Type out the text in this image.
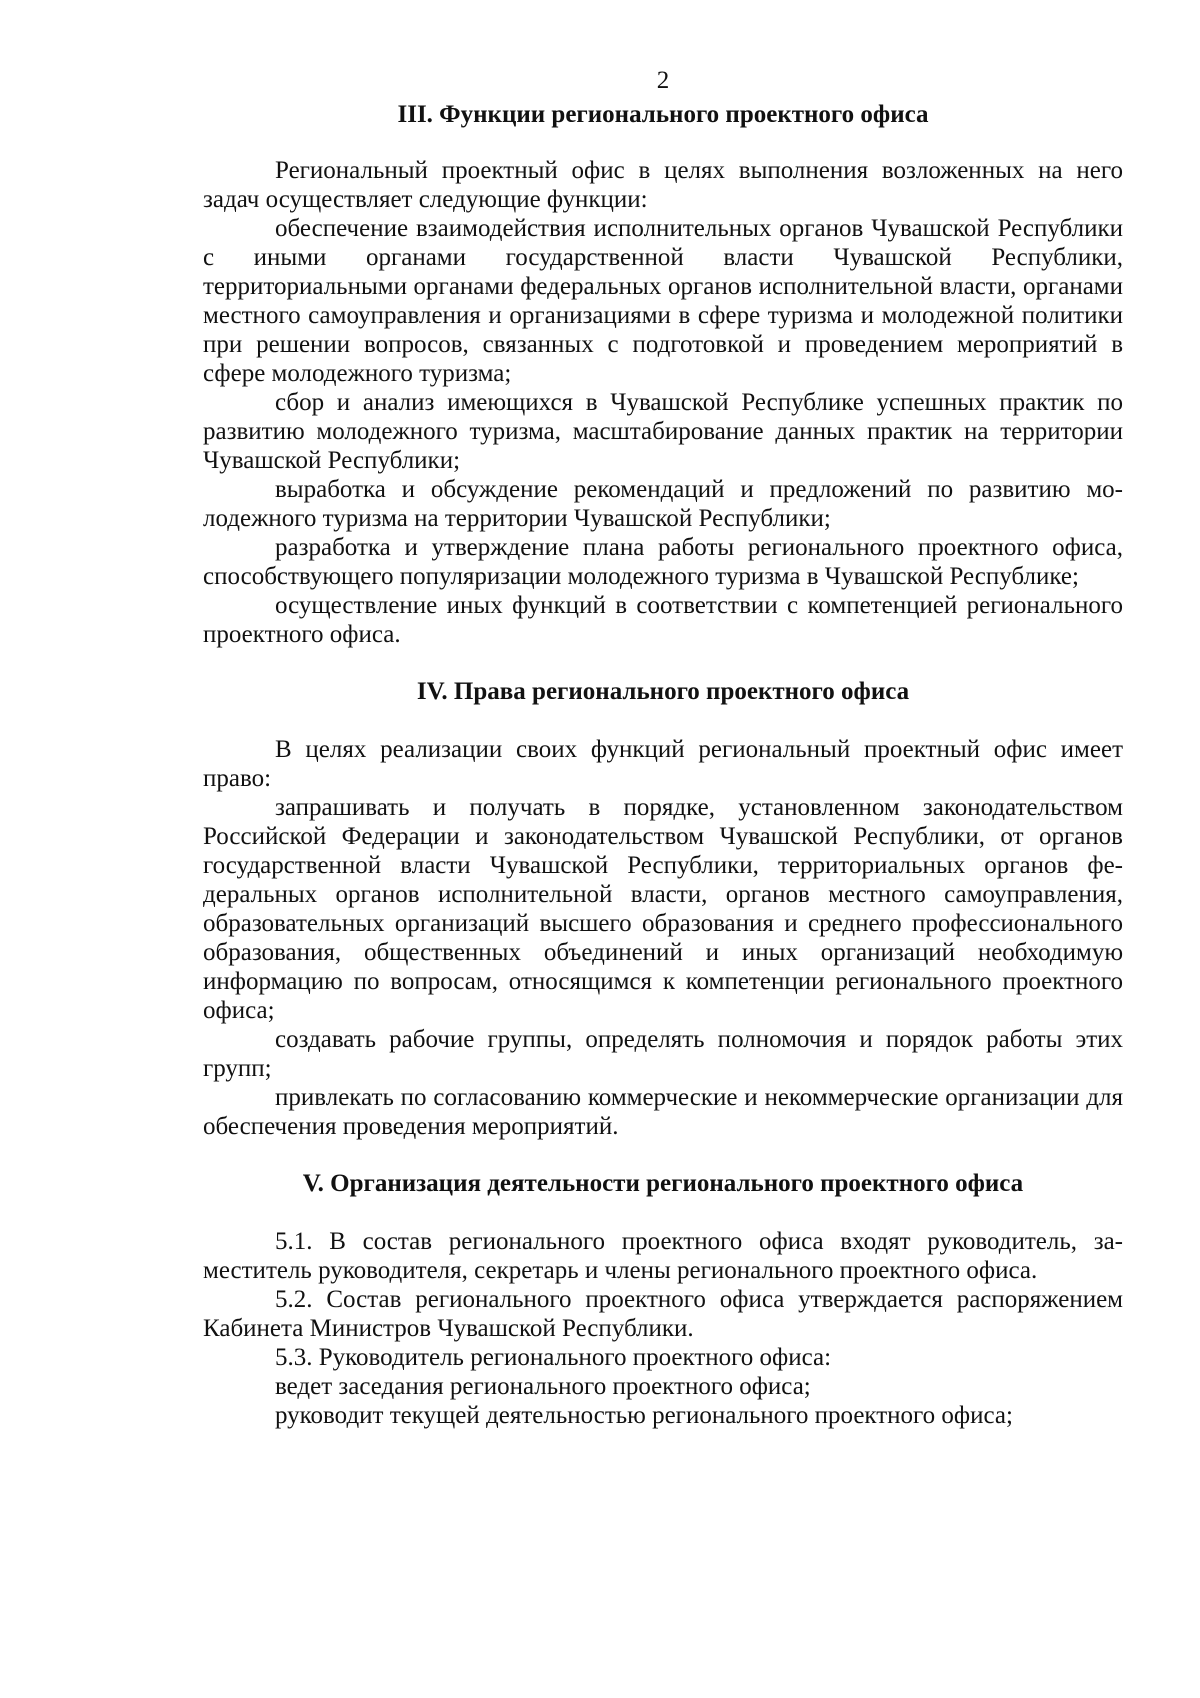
2
III. Функции регионального проектного офиса

Региональный проектный офис в целях выполнения возложенных на него задач осуществляет следующие функции:

обеспечение взаимодействия исполнительных органов Чувашской Республики с иными органами государственной власти Чувашской Республики, территориальными органами федеральных органов исполнительной власти, органами местного самоуправления и организациями в сфере туризма и молодежной политики при решении вопросов, связанных с подготовкой и проведением мероприятий в сфере молодежного туризма;

сбор и анализ имеющихся в Чувашской Республике успешных практик по развитию молодежного туризма, масштабирование данных практик на территории Чувашской Республики;

выработка и обсуждение рекомендаций и предложений по развитию молодежного туризма на территории Чувашской Республики;

разработка и утверждение плана работы регионального проектного офиса, способствующего популяризации молодежного туризма в Чувашской Республике;

осуществление иных функций в соответствии с компетенцией регионального проектного офиса.

IV. Права регионального проектного офиса

В целях реализации своих функций региональный проектный офис имеет право:

запрашивать и получать в порядке, установленном законодательством Российской Федерации и законодательством Чувашской Республики, от органов государственной власти Чувашской Республики, территориальных органов федеральных органов исполнительной власти, органов местного самоуправления, образовательных организаций высшего образования и среднего профессионального образования, общественных объединений и иных организаций необходимую информацию по вопросам, относящимся к компетенции регионального проектного офиса;

создавать рабочие группы, определять полномочия и порядок работы этих групп;

привлекать по согласованию коммерческие и некоммерческие организации для обеспечения проведения мероприятий.

V. Организация деятельности регионального проектного офиса

5.1. В состав регионального проектного офиса входят руководитель, заместитель руководителя, секретарь и члены регионального проектного офиса.

5.2. Состав регионального проектного офиса утверждается распоряжением Кабинета Министров Чувашской Республики.

5.3. Руководитель регионального проектного офиса:

ведет заседания регионального проектного офиса;

руководит текущей деятельностью регионального проектного офиса;
